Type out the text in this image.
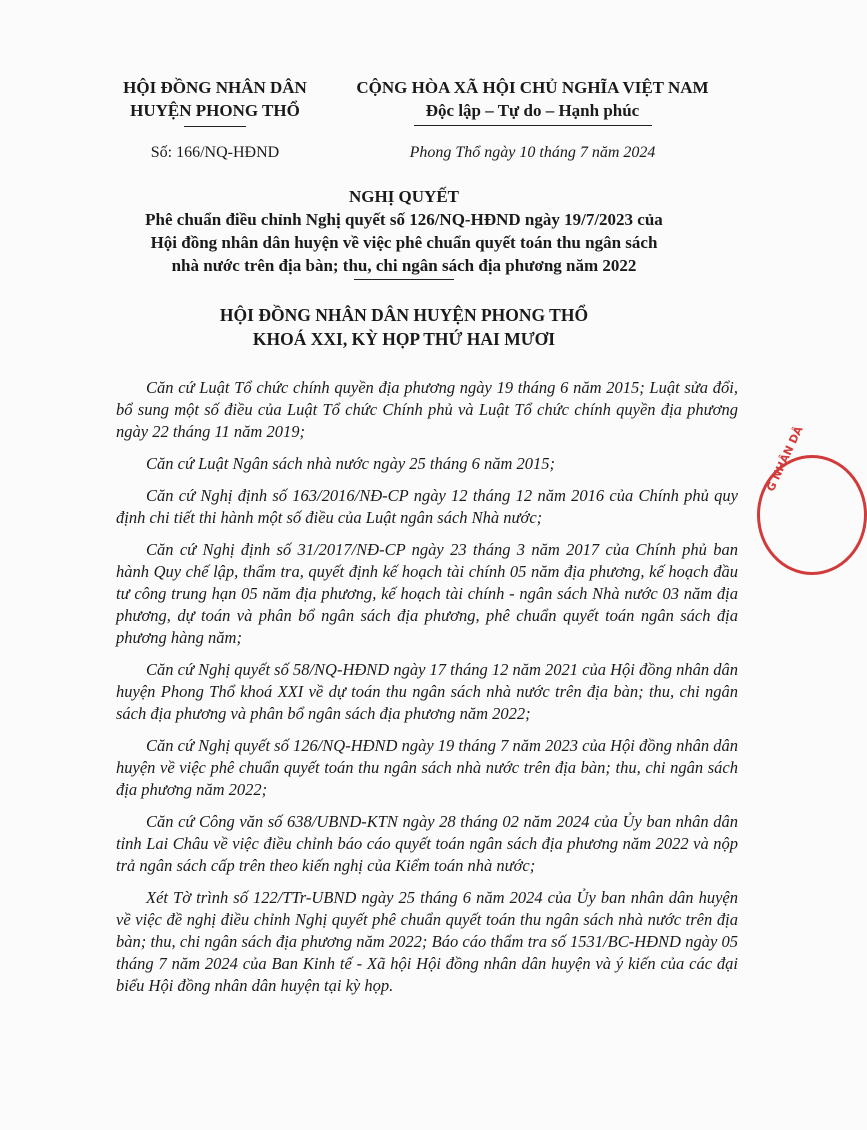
HỘI ĐỒNG NHÂN DÂN
HUYỆN PHONG THỔ
CỘNG HÒA XÃ HỘI CHỦ NGHĨA VIỆT NAM
Độc lập – Tự do – Hạnh phúc
Số: 166/NQ-HĐND	Phong Thổ ngày 10 tháng 7 năm 2024
NGHỊ QUYẾT
Phê chuẩn điều chỉnh Nghị quyết số 126/NQ-HĐND ngày 19/7/2023 của
Hội đồng nhân dân huyện về việc phê chuẩn quyết toán thu ngân sách
nhà nước trên địa bàn; thu, chi ngân sách địa phương năm 2022
HỘI ĐỒNG NHÂN DÂN HUYỆN PHONG THỔ
KHOÁ XXI, KỲ HỌP THỨ HAI MƯƠI

Căn cứ Luật Tổ chức chính quyền địa phương ngày 19 tháng 6 năm 2015; Luật sửa đổi, bổ sung một số điều của Luật Tổ chức Chính phủ và Luật Tổ chức chính quyền địa phương ngày 22 tháng 11 năm 2019;

Căn cứ Luật Ngân sách nhà nước ngày 25 tháng 6 năm 2015;

Căn cứ Nghị định số 163/2016/NĐ-CP ngày 12 tháng 12 năm 2016 của Chính phủ quy định chi tiết thi hành một số điều của Luật ngân sách Nhà nước;

Căn cứ Nghị định số 31/2017/NĐ-CP ngày 23 tháng 3 năm 2017 của Chính phủ ban hành Quy chế lập, thẩm tra, quyết định kế hoạch tài chính 05 năm địa phương, kế hoạch đầu tư công trung hạn 05 năm địa phương, kế hoạch tài chính - ngân sách Nhà nước 03 năm địa phương, dự toán và phân bổ ngân sách địa phương, phê chuẩn quyết toán ngân sách địa phương hàng năm;

Căn cứ Nghị quyết số 58/NQ-HĐND ngày 17 tháng 12 năm 2021 của Hội đồng nhân dân huyện Phong Thổ khoá XXI về dự toán thu ngân sách nhà nước trên địa bàn; thu, chi ngân sách địa phương và phân bổ ngân sách địa phương năm 2022;

Căn cứ Nghị quyết số 126/NQ-HĐND ngày 19 tháng 7 năm 2023 của Hội đồng nhân dân huyện về việc phê chuẩn quyết toán thu ngân sách nhà nước trên địa bàn; thu, chi ngân sách địa phương năm 2022;

Căn cứ Công văn số 638/UBND-KTN ngày 28 tháng 02 năm 2024 của Ủy ban nhân dân tỉnh Lai Châu về việc điều chỉnh báo cáo quyết toán ngân sách địa phương năm 2022 và nộp trả ngân sách cấp trên theo kiến nghị của Kiểm toán nhà nước;

Xét Tờ trình số 122/TTr-UBND ngày 25 tháng 6 năm 2024 của Ủy ban nhân dân huyện về việc đề nghị điều chỉnh Nghị quyết phê chuẩn quyết toán thu ngân sách nhà nước trên địa bàn; thu, chi ngân sách địa phương năm 2022; Báo cáo thẩm tra số 1531/BC-HĐND ngày 05 tháng 7 năm 2024 của Ban Kinh tế - Xã hội Hội đồng nhân dân huyện và ý kiến của các đại biểu Hội đồng nhân dân huyện tại kỳ họp.

G NHÂN DÂ
